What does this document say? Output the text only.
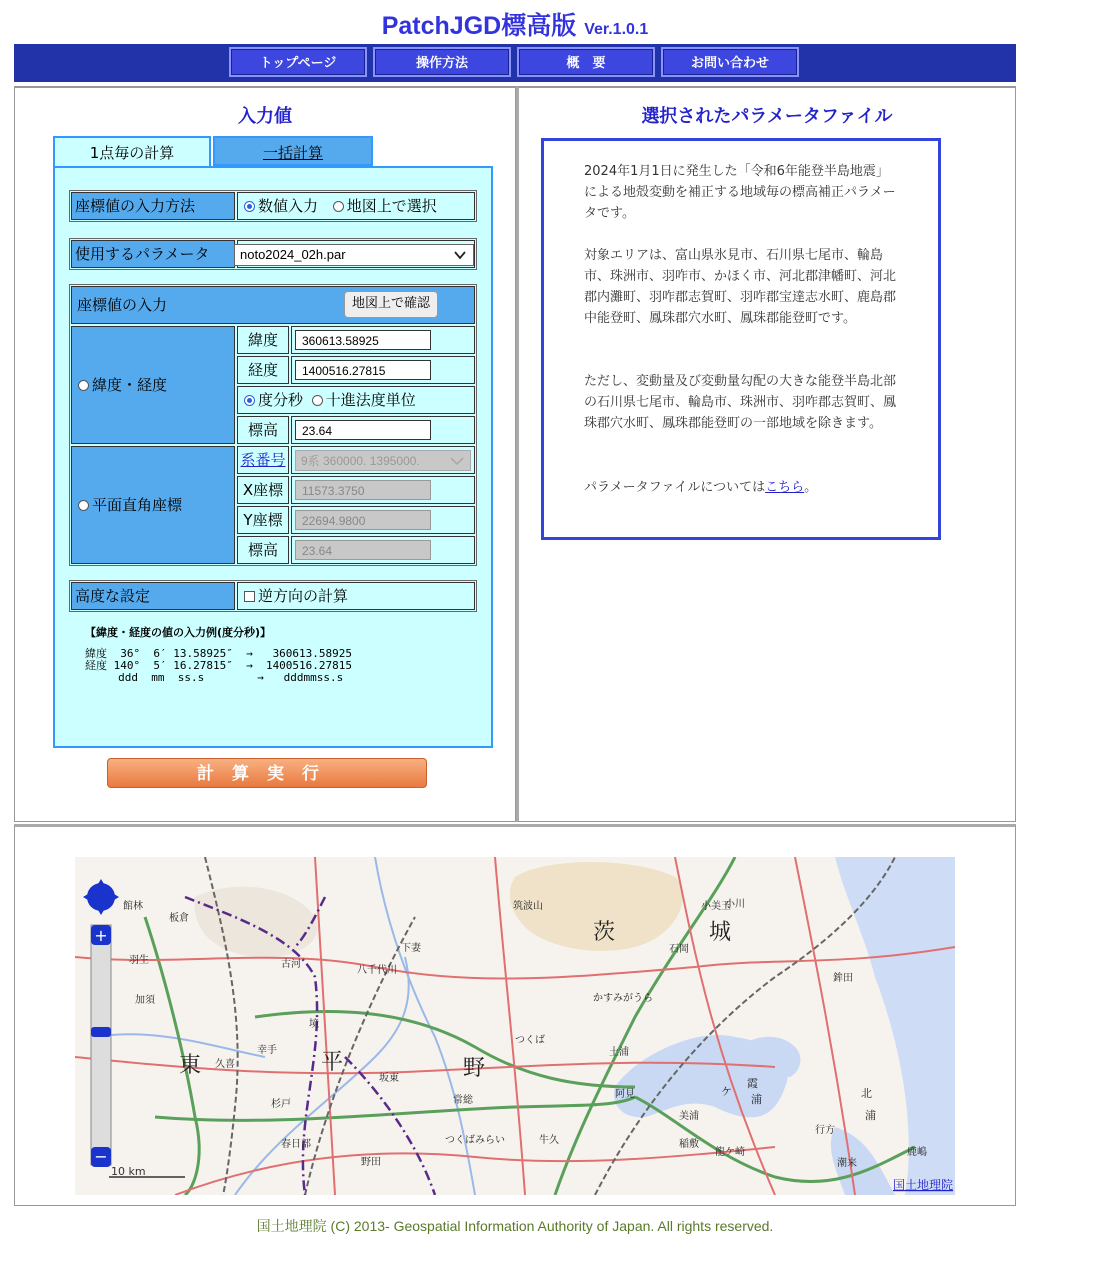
PatchJGD標高版 Ver.1.0.1
トップページ	操作方法	概　要	お問い合わせ
入力値
1点毎の計算	一括計算
座標値の入力方法	数値入力 地図上で選択
使用するパラメータ	noto2024_02h.par
座標値の入力	地図上で確認
緯度・経度
緯度	360613.58925
経度	1400516.27815
度分秒 十進法度単位
標高	23.64
平面直角座標
系番号	9系 360000. 1395000.
X座標	11573.3750
Y座標	22694.9800
標高	23.64
高度な設定	逆方向の計算
【緯度・経度の値の入力例(度分秒)】
緯度  36°  6′ 13.58925″  →   360613.58925
経度 140°  5′ 16.27815″  →  1400516.27815
ddd  mm  ss.s        →   dddmmss.s
計算実行
選択されたパラメータファイル
2024年1月1日に発生した「令和6年能登半島地震」による地殻変動を補正する地域毎の標高補正パラメータです。
対象エリアは、富山県氷見市、石川県七尾市、輪島市、珠洲市、羽咋市、かほく市、河北郡津幡町、河北郡内灘町、羽咋郡志賀町、羽咋郡宝達志水町、鹿島郡中能登町、鳳珠郡穴水町、鳳珠郡能登町です。
ただし、変動量及び変動量勾配の大きな能登半島北部の石川県七尾市、輪島市、珠洲市、羽咋郡志賀町、鳳珠郡穴水町、鳳珠郡能登町の一部地域を除きます。
パラメータファイルについてはこちら。
茨	城
東	平	野
かすみがうら
土浦
つくば
つくばみらい
石岡
古河
境
坂東
常総
八千代川
下妻
阿見
美浦
稲敷
筑波山
鉾田
潮来
牛久
龍ケ崎
行方
鹿嶋
小美玉
野田
春日部
杉戸
幸手
久喜
加須
羽生
館林
板倉
小川
霞
ケ
浦	北
浦
+
−
10 km
国土地理院
国土地理院 (C) 2013- Geospatial Information Authority of Japan. All rights reserved.
